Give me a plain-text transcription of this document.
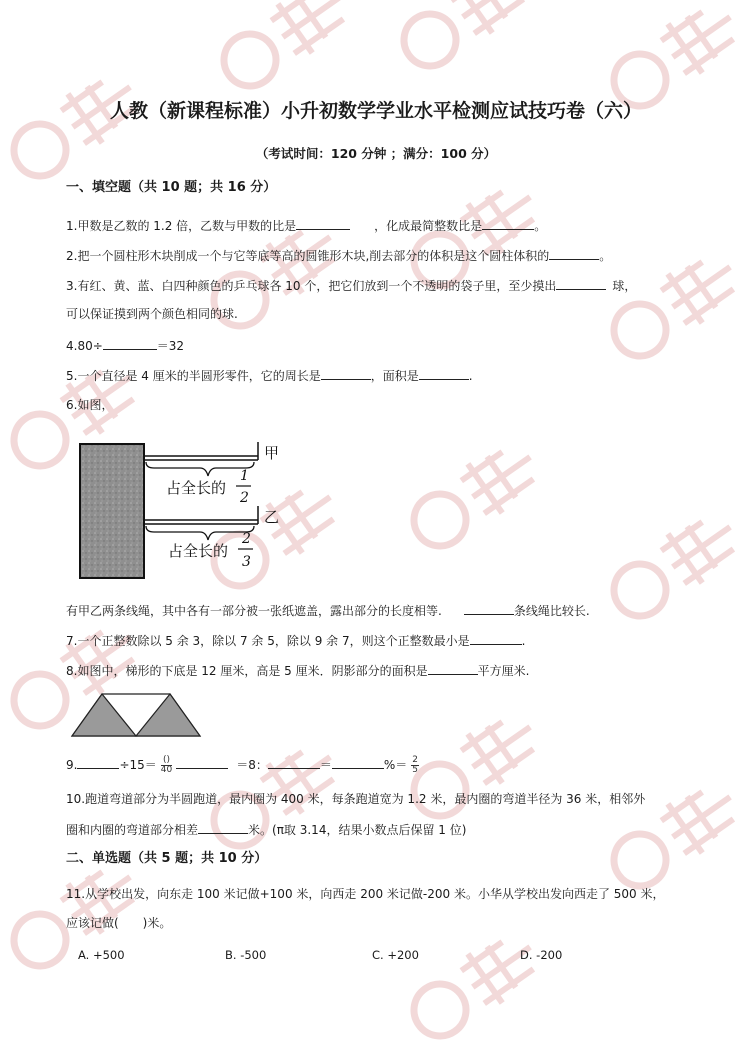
人教（新课程标准）小升初数学学业水平检测应试技巧卷（六）
（考试时间：120 分钟 ；满分：100 分）
一、填空题（共 10 题；共 16 分）
1.甲数是乙数的 1.2 倍，乙数与甲数的比是	，化成最简整数比是	。
2.把一个圆柱形木块削成一个与它等底等高的圆锥形木块,削去部分的体积是这个圆柱体积的	。
3.有红、黄、蓝、白四种颜色的乒乓球各 10 个，把它们放到一个不透明的袋子里，至少摸出	球，
可以保证摸到两个颜色相同的球.
4.80÷	＝32
5.一个直径是 4 厘米的半圆形零件，它的周长是	，面积是	.
6.如图，
甲
乙
占全长的
1
2
占全长的
2
3
有甲乙两条线绳，其中各有一部分被一张纸遮盖，露出部分的长度相等.	条线绳比较长.
7.一个正整数除以 5 余 3，除以 7 余 5，除以 9 余 7，则这个正整数最小是	.
8.如图中，梯形的下底是 12 厘米，高是 5 厘米．阴影部分的面积是	平方厘米.
9.	$\div 15= \frac{()}{40}$	＝8：	＝	%＝ $\frac{2}{5}$
10.跑道弯道部分为半圆跑道，最内圈为 400 米，每条跑道宽为 1.2 米，最内圈的弯道半径为 36 米，相邻外
圈和内圈的弯道部分相差	米。(π取 3.14，结果小数点后保留 1 位)
二、单选题（共 5 题；共 10 分）
11.从学校出发，向东走 100 米记做+100 米，向西走 200 米记做-200 米。小华从学校出发向西走了 500 米，
应该记做(　　)米。
A. +500	B. -500	C. +200	D. -200
